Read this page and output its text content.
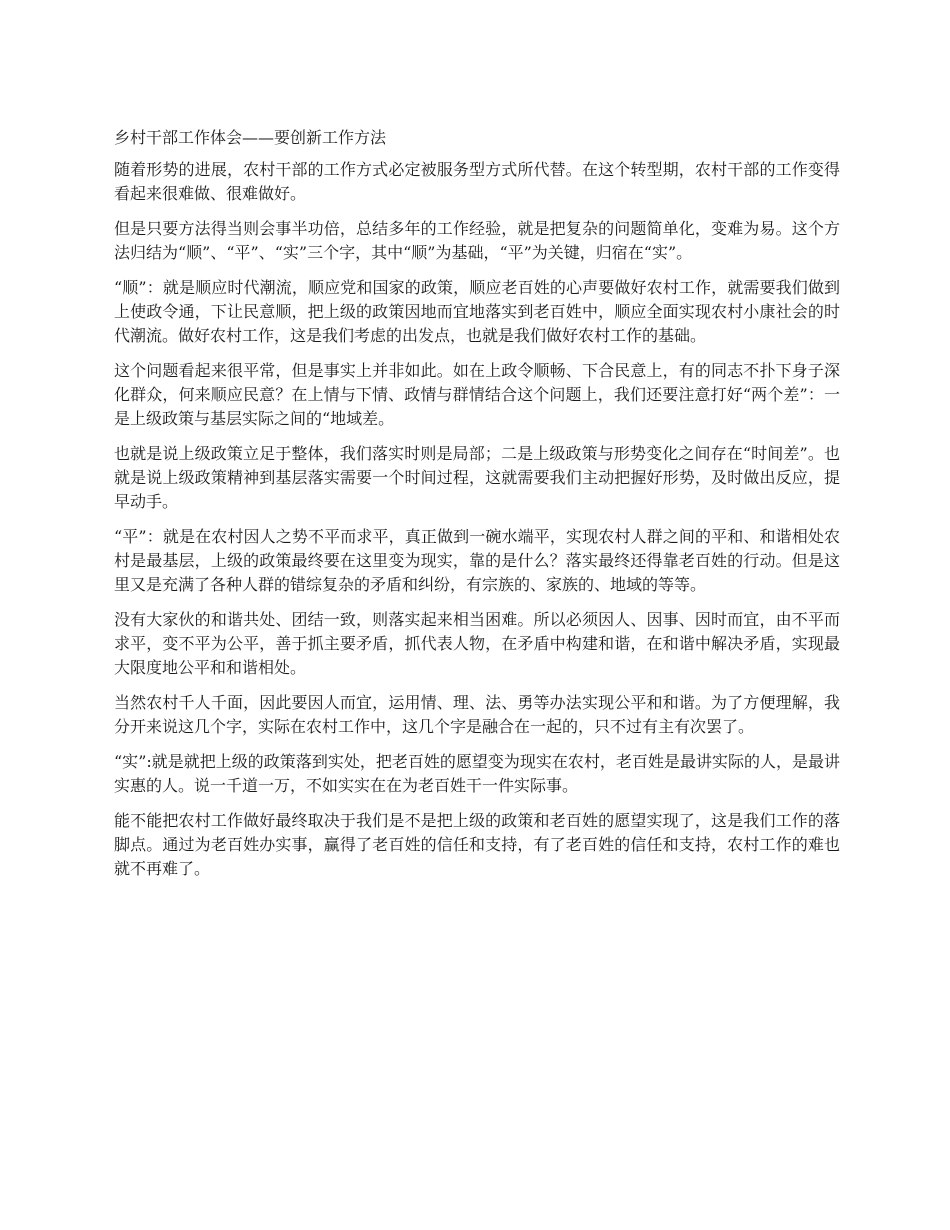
乡村干部工作体会——要创新工作方法

随着形势的进展，农村干部的工作方式必定被服务型方式所代替。在这个转型期，农村干部的工作变得看起来很难做、很难做好。

但是只要方法得当则会事半功倍，总结多年的工作经验，就是把复杂的问题简单化，变难为易。这个方法归结为“顺”、“平”、“实”三个字，其中“顺”为基础，“平”为关键，归宿在“实”。

“顺”：就是顺应时代潮流，顺应党和国家的政策，顺应老百姓的心声要做好农村工作，就需要我们做到上使政令通，下让民意顺，把上级的政策因地而宜地落实到老百姓中，顺应全面实现农村小康社会的时代潮流。做好农村工作，这是我们考虑的出发点，也就是我们做好农村工作的基础。

这个问题看起来很平常，但是事实上并非如此。如在上政令顺畅、下合民意上，有的同志不扑下身子深化群众，何来顺应民意？在上情与下情、政情与群情结合这个问题上，我们还要注意打好“两个差”：一是上级政策与基层实际之间的“地域差。

也就是说上级政策立足于整体，我们落实时则是局部；二是上级政策与形势变化之间存在“时间差”。也就是说上级政策精神到基层落实需要一个时间过程，这就需要我们主动把握好形势，及时做出反应，提早动手。

“平”：就是在农村因人之势不平而求平，真正做到一碗水端平，实现农村人群之间的平和、和谐相处农村是最基层，上级的政策最终要在这里变为现实，靠的是什么？落实最终还得靠老百姓的行动。但是这里又是充满了各种人群的错综复杂的矛盾和纠纷，有宗族的、家族的、地域的等等。

没有大家伙的和谐共处、团结一致，则落实起来相当困难。所以必须因人、因事、因时而宜，由不平而求平，变不平为公平，善于抓主要矛盾，抓代表人物，在矛盾中构建和谐，在和谐中解决矛盾，实现最大限度地公平和和谐相处。

当然农村千人千面，因此要因人而宜，运用情、理、法、勇等办法实现公平和和谐。为了方便理解，我分开来说这几个字，实际在农村工作中，这几个字是融合在一起的，只不过有主有次罢了。

“实”:就是就把上级的政策落到实处，把老百姓的愿望变为现实在农村，老百姓是最讲实际的人，是最讲实惠的人。说一千道一万，不如实实在在为老百姓干一件实际事。

能不能把农村工作做好最终取决于我们是不是把上级的政策和老百姓的愿望实现了，这是我们工作的落脚点。通过为老百姓办实事，赢得了老百姓的信任和支持，有了老百姓的信任和支持，农村工作的难也就不再难了。
